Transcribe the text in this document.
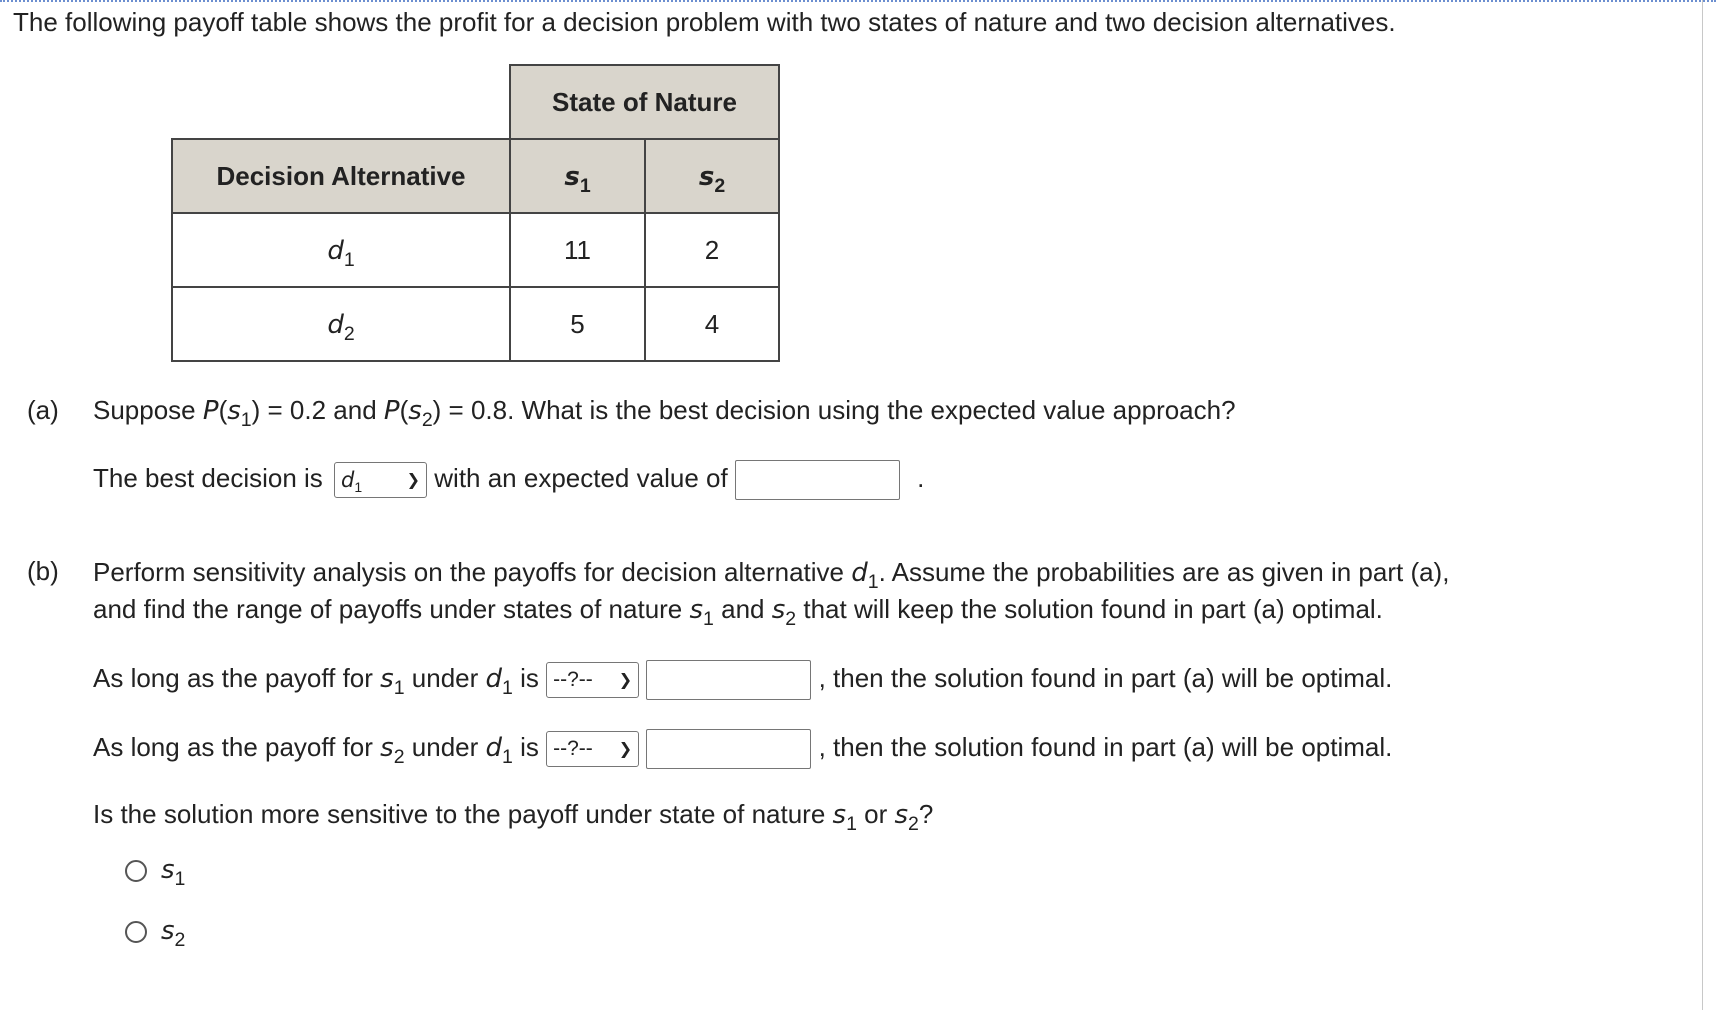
The following payoff table shows the profit for a decision problem with two states of nature and two decision alternatives.
	State of Nature	
Decision Alternative	$s_1$	$s_2$
$d_1$	11	2
$d_2$	5	4
(a) Suppose $P(s_1) = 0.2$ and $P(s_2) = 0.8$. What is the best decision using the expected value approach?
The best decision is $d_1$	❯ with an expected value of	.
(b) Perform sensitivity analysis on the payoffs for decision alternative $d_1$. Assume the probabilities are as given in part (a),
and find the range of payoffs under states of nature $s_1$ and $s_2$ that will keep the solution found in part (a) optimal.
As long as the payoff for $s_1$ under $d_1$ is --?-- ❯	, then the solution found in part (a) will be optimal.
As long as the payoff for $s_2$ under $d_1$ is --?-- ❯	, then the solution found in part (a) will be optimal.
Is the solution more sensitive to the payoff under state of nature $s_1$ or $s_2$?
$s_1$
$s_2$
